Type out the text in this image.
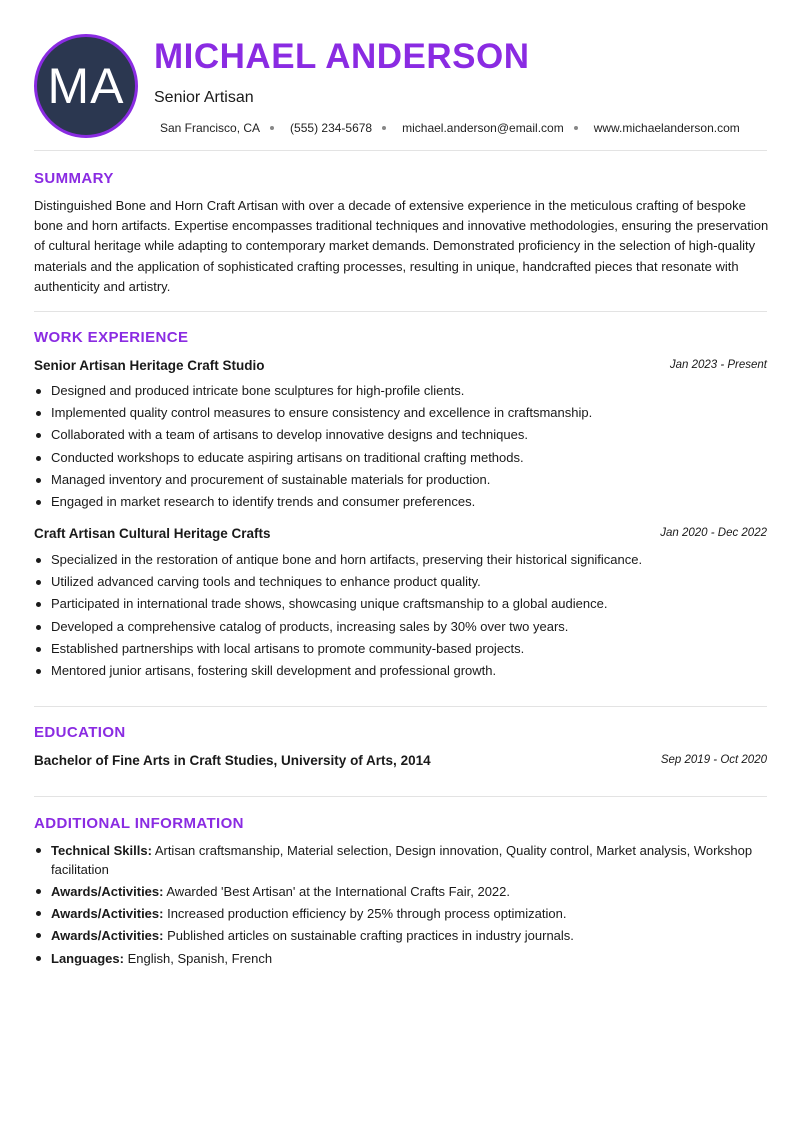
MA
MICHAEL ANDERSON
Senior Artisan
San Francisco, CA	(555) 234-5678	michael.anderson@email.com	www.michaelanderson.com
SUMMARY
Distinguished Bone and Horn Craft Artisan with over a decade of extensive experience in the meticulous crafting of bespoke bone and horn artifacts. Expertise encompasses traditional techniques and innovative methodologies, ensuring the preservation of cultural heritage while adapting to contemporary market demands. Demonstrated proficiency in the selection of high-quality materials and the application of sophisticated crafting processes, resulting in unique, handcrafted pieces that resonate with authenticity and artistry.
WORK EXPERIENCE
Senior Artisan Heritage Craft Studio	Jan 2023 - Present
Designed and produced intricate bone sculptures for high-profile clients.
Implemented quality control measures to ensure consistency and excellence in craftsmanship.
Collaborated with a team of artisans to develop innovative designs and techniques.
Conducted workshops to educate aspiring artisans on traditional crafting methods.
Managed inventory and procurement of sustainable materials for production.
Engaged in market research to identify trends and consumer preferences.
Craft Artisan Cultural Heritage Crafts	Jan 2020 - Dec 2022
Specialized in the restoration of antique bone and horn artifacts, preserving their historical significance.
Utilized advanced carving tools and techniques to enhance product quality.
Participated in international trade shows, showcasing unique craftsmanship to a global audience.
Developed a comprehensive catalog of products, increasing sales by 30% over two years.
Established partnerships with local artisans to promote community-based projects.
Mentored junior artisans, fostering skill development and professional growth.
EDUCATION
Bachelor of Fine Arts in Craft Studies, University of Arts, 2014	Sep 2019 - Oct 2020
ADDITIONAL INFORMATION
Technical Skills: Artisan craftsmanship, Material selection, Design innovation, Quality control, Market analysis, Workshop facilitation
Awards/Activities: Awarded 'Best Artisan' at the International Crafts Fair, 2022.
Awards/Activities: Increased production efficiency by 25% through process optimization.
Awards/Activities: Published articles on sustainable crafting practices in industry journals.
Languages: English, Spanish, French
